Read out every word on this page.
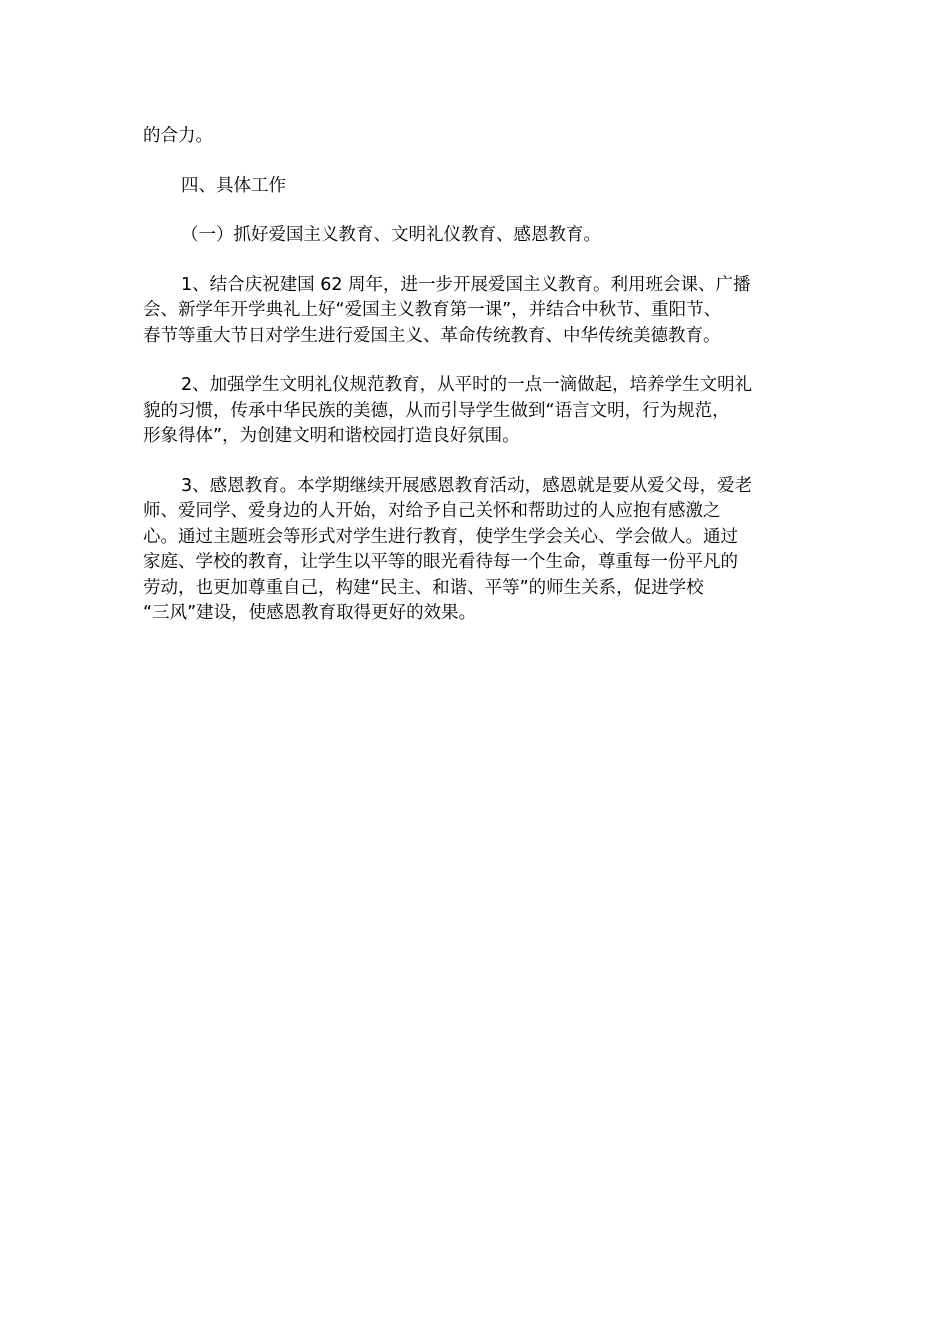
的合力。

四、具体工作

（一）抓好爱国主义教育、文明礼仪教育、感恩教育。

1、结合庆祝建国 62 周年，进一步开展爱国主义教育。利用班会课、广播
会、新学年开学典礼上好“爱国主义教育第一课”，并结合中秋节、重阳节、
春节等重大节日对学生进行爱国主义、革命传统教育、中华传统美德教育。

2、加强学生文明礼仪规范教育，从平时的一点一滴做起，培养学生文明礼
貌的习惯，传承中华民族的美德，从而引导学生做到“语言文明，行为规范，
形象得体”，为创建文明和谐校园打造良好氛围。

3、感恩教育。本学期继续开展感恩教育活动，感恩就是要从爱父母，爱老
师、爱同学、爱身边的人开始，对给予自己关怀和帮助过的人应抱有感激之
心。通过主题班会等形式对学生进行教育，使学生学会关心、学会做人。通过
家庭、学校的教育，让学生以平等的眼光看待每一个生命，尊重每一份平凡的
劳动，也更加尊重自己，构建“民主、和谐、平等”的师生关系，促进学校
“三风”建设，使感恩教育取得更好的效果。
